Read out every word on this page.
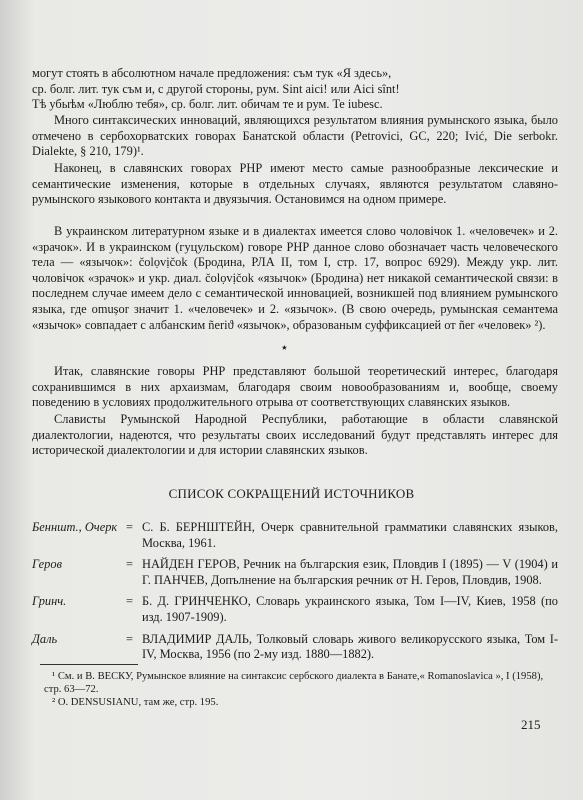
могут стоять в абсолютном начале предложения: съм тук «Я здесь»,

ср. болг. лит. тук съм и, с другой стороны, рум. Sint aici! или Aici sînt!

Тѣ убыѣм «Люблю тебя», ср. болг. лит. обичам те и рум. Te iubesc.

Много синтаксических инноваций, являющихся результатом влияния румынского языка, было отмечено в сербохорватских говорах Банатской области (Petrovici, GC, 220; Ivić, Die serbokr. Dialekte, § 210, 179)¹.

Наконец, в славянских говорах РНР имеют место самые разнообразные лексические и семантические изменения, которые в отдельных случаях, являются результатом славяно-румынского языкового контакта и двуязычия. Остановимся на одном примере.

В украинском литературном языке и в диалектах имеется слово чоловічок 1. «человечек» и 2. «зрачок». И в украинском (гуцульском) говоре РНР данное слово обозначает часть человеческого тела — «язычок»: čolọvịčok (Бродина, РЛА II, том I, стр. 17, вопрос 6929). Между укр. лит. чоловічок «зрачок» и укр. диал. čolọvịčok «язычок» (Бродина) нет никакой семантической связи: в последнем случае имеем дело с семантической инновацией, возникшей под влиянием румынского языка, где omușor значит 1. «человечек» и 2. «язычок». (В свою очередь, румынская семантема «язычок» совпадает с албанским ñeriϑ «язычок», образованым суффиксацией от ñer «человек» ²).

⋆

Итак, славянские говоры РНР представляют большой теоретический интерес, благодаря сохранившимся в них архаизмам, благодаря своим новообразованиям и, вообще, своему поведению в условиях продолжительного отрыва от соответствующих славянских языков.

Слависты Румынской Народной Республики, работающие в области славянской диалектологии, надеются, что результаты своих исследований будут представлять интерес для исторической диалектологии и для истории славянских языков.

СПИСОК СОКРАЩЕНИЙ ИСТОЧНИКОВ
Бенншт., Очерк = С. Б. БЕРНШТЕЙН, Очерк сравнительной грамматики славянских языков, Москва, 1961.
Геров	= НАЙДЕН ГЕРОВ, Речник на българския език, Пловдив I (1895) — V (1904) и Г. ПАНЧЕВ, Допълнение на българския речник от Н. Геров, Пловдив, 1908.
Гринч.	= Б. Д. ГРИНЧЕНКО, Словарь украинского языка, Том I—IV, Киев, 1958 (по изд. 1907-1909).
Даль	= ВЛАДИМИР ДАЛЬ, Толковый словарь живого великорусского языка, Том I-IV, Москва, 1956 (по 2-му изд. 1880—1882).

¹ См. и В. ВЕСКУ, Румынское влияние на синтаксис сербского диалекта в Банате,« Romanoslavica », I (1958), стр. 63—72.

² O. DENSUSIANU, там же, стр. 195.

215
